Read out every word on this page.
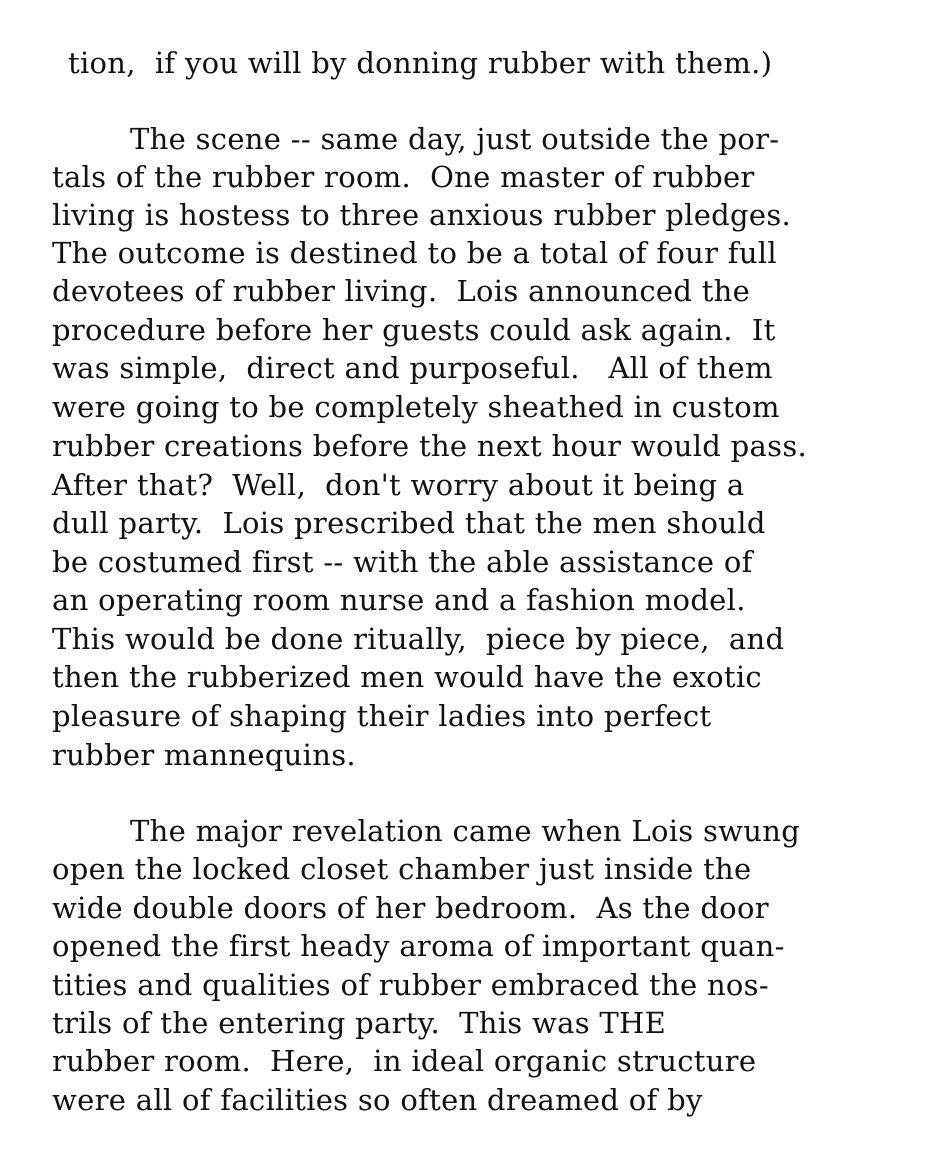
tion,  if you will by donning rubber with them.)
The scene -- same day, just outside the por-
tals of the rubber room.  One master of rubber
living is hostess to three anxious rubber pledges.
The outcome is destined to be a total of four full
devotees of rubber living.  Lois announced the
procedure before her guests could ask again.  It
was simple,  direct and purposeful.   All of them
were going to be completely sheathed in custom
rubber creations before the next hour would pass.
After that?  Well,  don't worry about it being a
dull party.  Lois prescribed that the men should
be costumed first -- with the able assistance of
an operating room nurse and a fashion model.
This would be done ritually,  piece by piece,  and
then the rubberized men would have the exotic
pleasure of shaping their ladies into perfect
rubber mannequins.
The major revelation came when Lois swung
open the locked closet chamber just inside the
wide double doors of her bedroom.  As the door
opened the first heady aroma of important quan-
tities and qualities of rubber embraced the nos-
trils of the entering party.  This was THE
rubber room.  Here,  in ideal organic structure
were all of facilities so often dreamed of by
